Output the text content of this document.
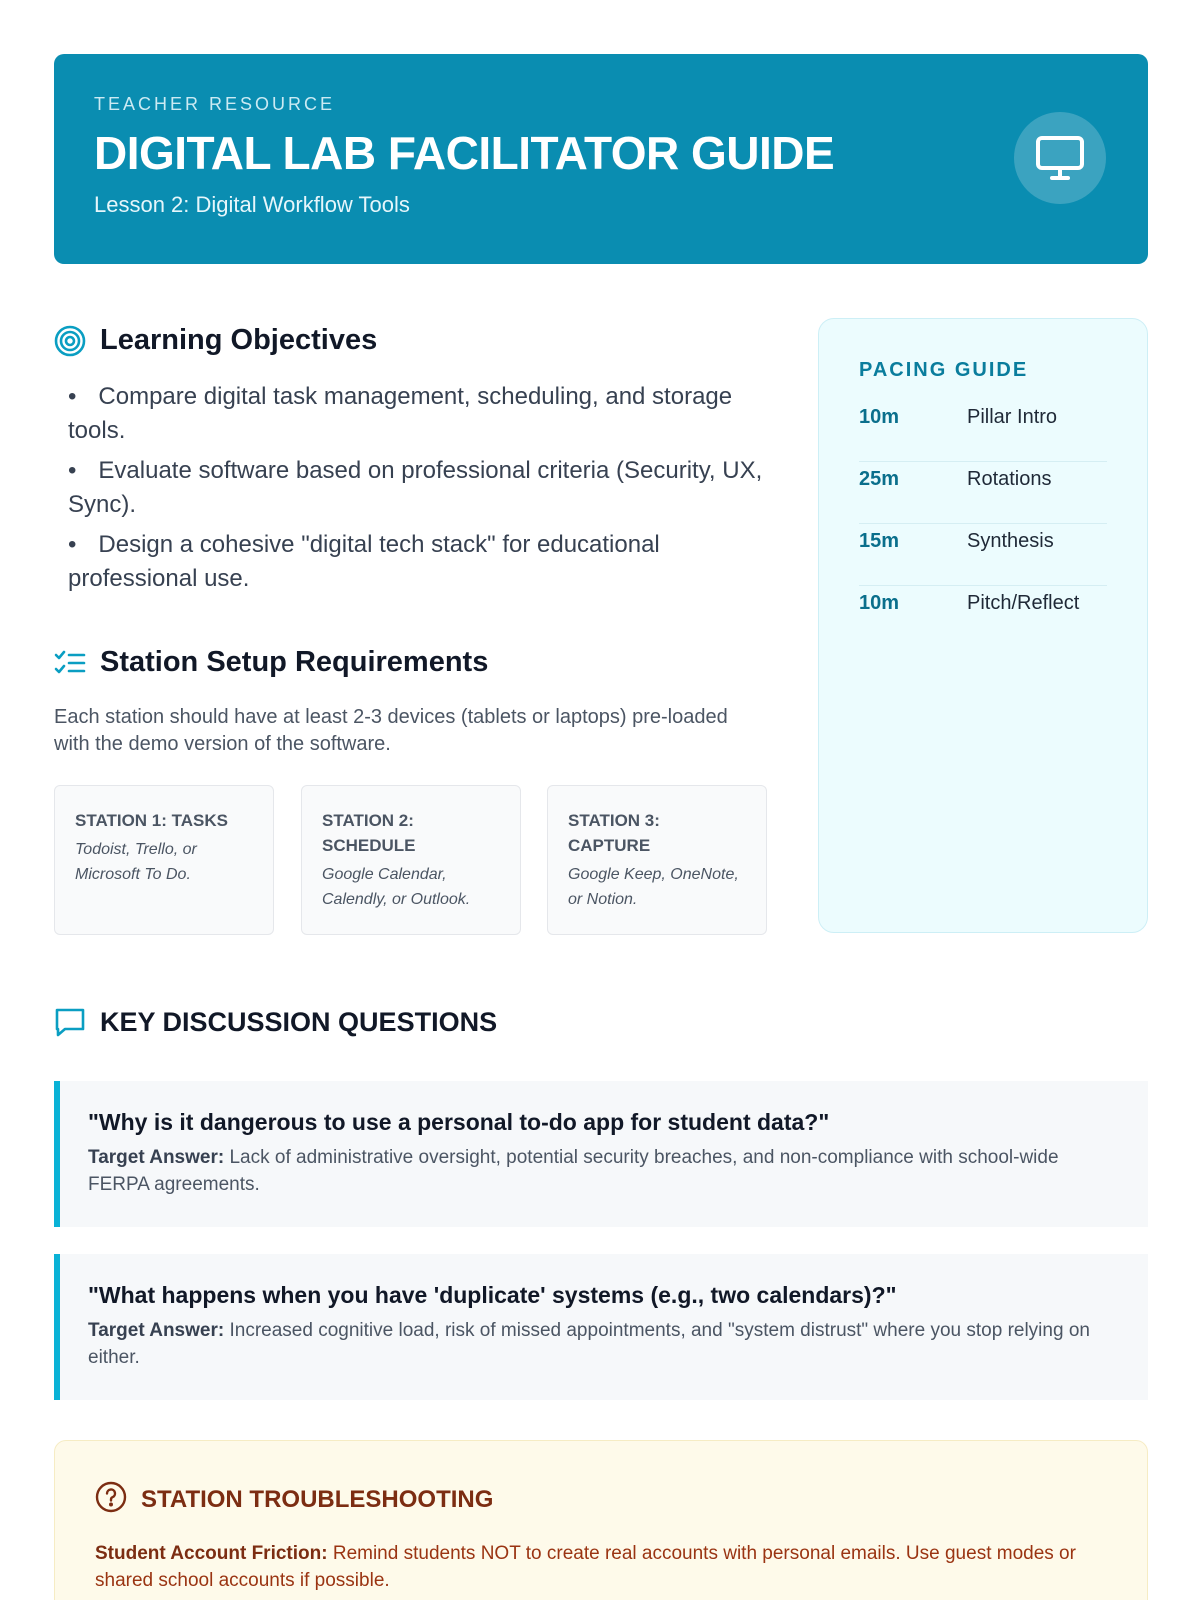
TEACHER RESOURCE
DIGITAL LAB FACILITATOR GUIDE
Lesson 2: Digital Workflow Tools
Learning Objectives
• Compare digital task management, scheduling, and storage tools.
• Evaluate software based on professional criteria (Security, UX, Sync).
• Design a cohesive "digital tech stack" for educational professional use.
Station Setup Requirements
Each station should have at least 2-3 devices (tablets or laptops) pre-loaded with the demo version of the software.
STATION 1: TASKS
Todoist, Trello, or Microsoft To Do.
STATION 2: SCHEDULE
Google Calendar, Calendly, or Outlook.
STATION 3: CAPTURE
Google Keep, OneNote, or Notion.
PACING GUIDE
10m	Pillar Intro
25m	Rotations
15m	Synthesis
10m	Pitch/Reflect
KEY DISCUSSION QUESTIONS
"Why is it dangerous to use a personal to-do app for student data?"
Target Answer: Lack of administrative oversight, potential security breaches, and non-compliance with school-wide FERPA agreements.
"What happens when you have 'duplicate' systems (e.g., two calendars)?"
Target Answer: Increased cognitive load, risk of missed appointments, and "system distrust" where you stop relying on either.
STATION TROUBLESHOOTING

Student Account Friction: Remind students NOT to create real accounts with personal emails. Use guest modes or shared school accounts if possible.
